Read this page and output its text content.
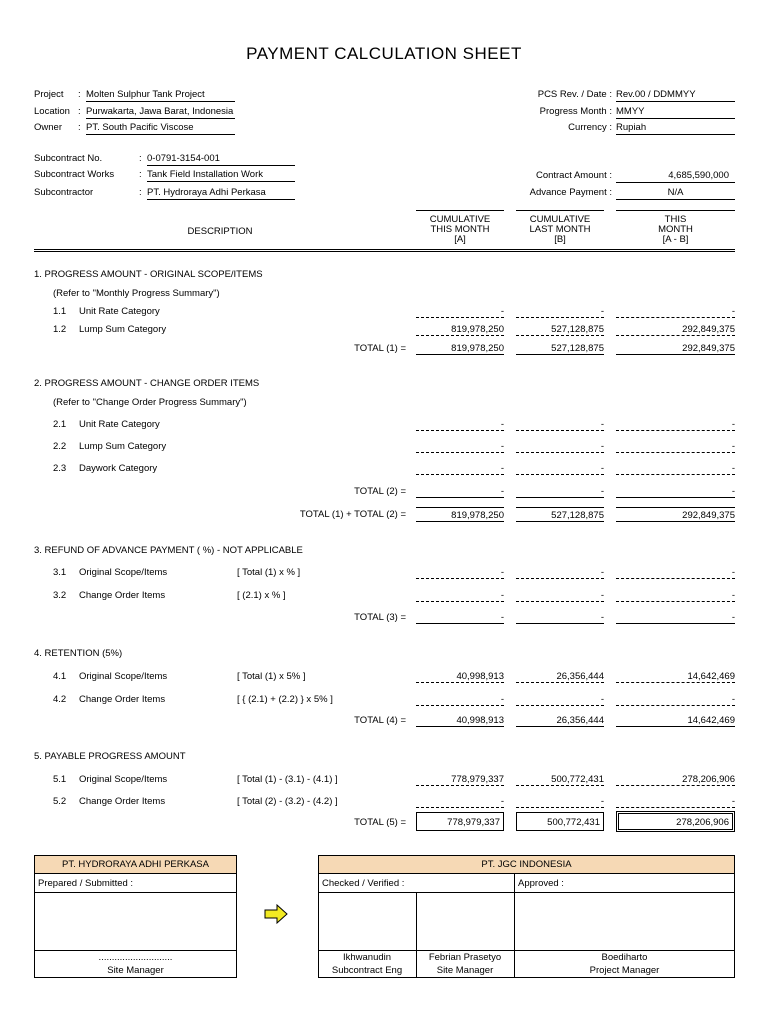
PAYMENT CALCULATION SHEET
Project : Molten Sulphur Tank Project
Location : Purwakarta, Jawa Barat, Indonesia
Owner : PT. South Pacific Viscose
PCS Rev. / Date : Rev.00 / DDMMYY
Progress Month : MMYY
Currency : Rupiah
Subcontract No.	: 0-0791-3154-001
Subcontract Works	: Tank Field Installation Work
Subcontractor	: PT. Hydroraya Adhi Perkasa
Contract Amount :	4,685,590,000
Advance Payment :	N/A
DESCRIPTION
CUMULATIVE
THIS MONTH
[A]
CUMULATIVE
LAST MONTH
[B]
THIS
MONTH
[A - B]
1. PROGRESS AMOUNT - ORIGINAL SCOPE/ITEMS
(Refer to "Monthly Progress Summary")
1.1 Unit Rate Category	-	-	-
1.2 Lump Sum Category	819,978,250	527,128,875	292,849,375
TOTAL (1) =	819,978,250	527,128,875	292,849,375
2. PROGRESS AMOUNT - CHANGE ORDER ITEMS
(Refer to "Change Order Progress Summary")
2.1 Unit Rate Category	-	-	-
2.2 Lump Sum Category	-	-	-
2.3 Daywork Category	-	-	-
TOTAL (2) =	-	-	-
TOTAL (1) + TOTAL (2) =	819,978,250	527,128,875	292,849,375
3. REFUND OF ADVANCE PAYMENT ( %) - NOT APPLICABLE
3.1 Original Scope/Items	[ Total (1) x % ]	-	-	-
3.2 Change Order Items	[ (2.1) x % ]	-	-	-
TOTAL (3) =	-	-	-
4. RETENTION (5%)
4.1 Original Scope/Items	[ Total (1) x 5% ]	40,998,913	26,356,444	14,642,469
4.2 Change Order Items	[ { (2.1) + (2.2) } x 5% ]	-	-	-
TOTAL (4) =	40,998,913	26,356,444	14,642,469
5. PAYABLE PROGRESS AMOUNT
5.1 Original Scope/Items	[ Total (1) - (3.1) - (4.1) ]	778,979,337	500,772,431	278,206,906
5.2 Change Order Items	[ Total (2) - (3.2) - (4.2) ]	-	-	-
TOTAL (5) =	778,979,337	500,772,431	278,206,906
PT. HYDRORAYA ADHI PERKASA
Prepared / Submitted :
............................
Site Manager
PT. JGC INDONESIA
Checked / Verified :	Approved :
Ikhwanudin
Subcontract Eng
Febrian Prasetyo
Site Manager
Boediharto
Project Manager
